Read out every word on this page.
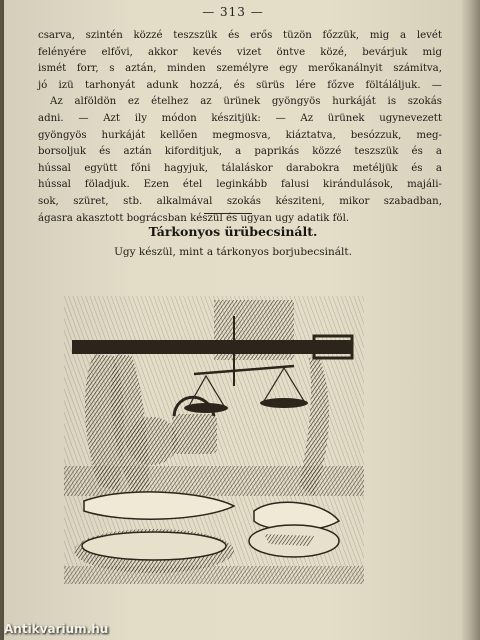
— 313 —
csarva, szintén közzé teszszük és erős tüzön főzzük, mig a levét
felényére elfővi, akkor kevés vizet öntve közé, bevárjuk mig
ismét forr, s aztán, minden személyre egy merőkanálnyit számitva,
jó izü tarhonyát adunk hozzá, és sürüs lére főzve föltáláljuk. —
Az alföldön ez ételhez az ürünek gyöngyös hurkáját is szokás
adni. — Azt ily módon készitjük: — Az ürünek ugynevezett
gyöngyös hurkáját kellően megmosva, kiáztatva, besózzuk, meg-
borsoljuk és aztán kiforditjuk, a paprikás közzé teszszük és a
hússal együtt főni hagyjuk, tálaláskor darabokra metéljük és a
hússal föladjuk. Ezen étel leginkább falusi kirándulások, majáli-
sok, szüret, stb. alkalmával szokás késziteni, mikor szabadban,
ágasra akasztott bográcsban készül és ugyan ugy adatik föl.
Tárkonyos ürübecsinált.
Ugy készül, mint a tárkonyos borjubecsinált.
Antikvarium.hu
